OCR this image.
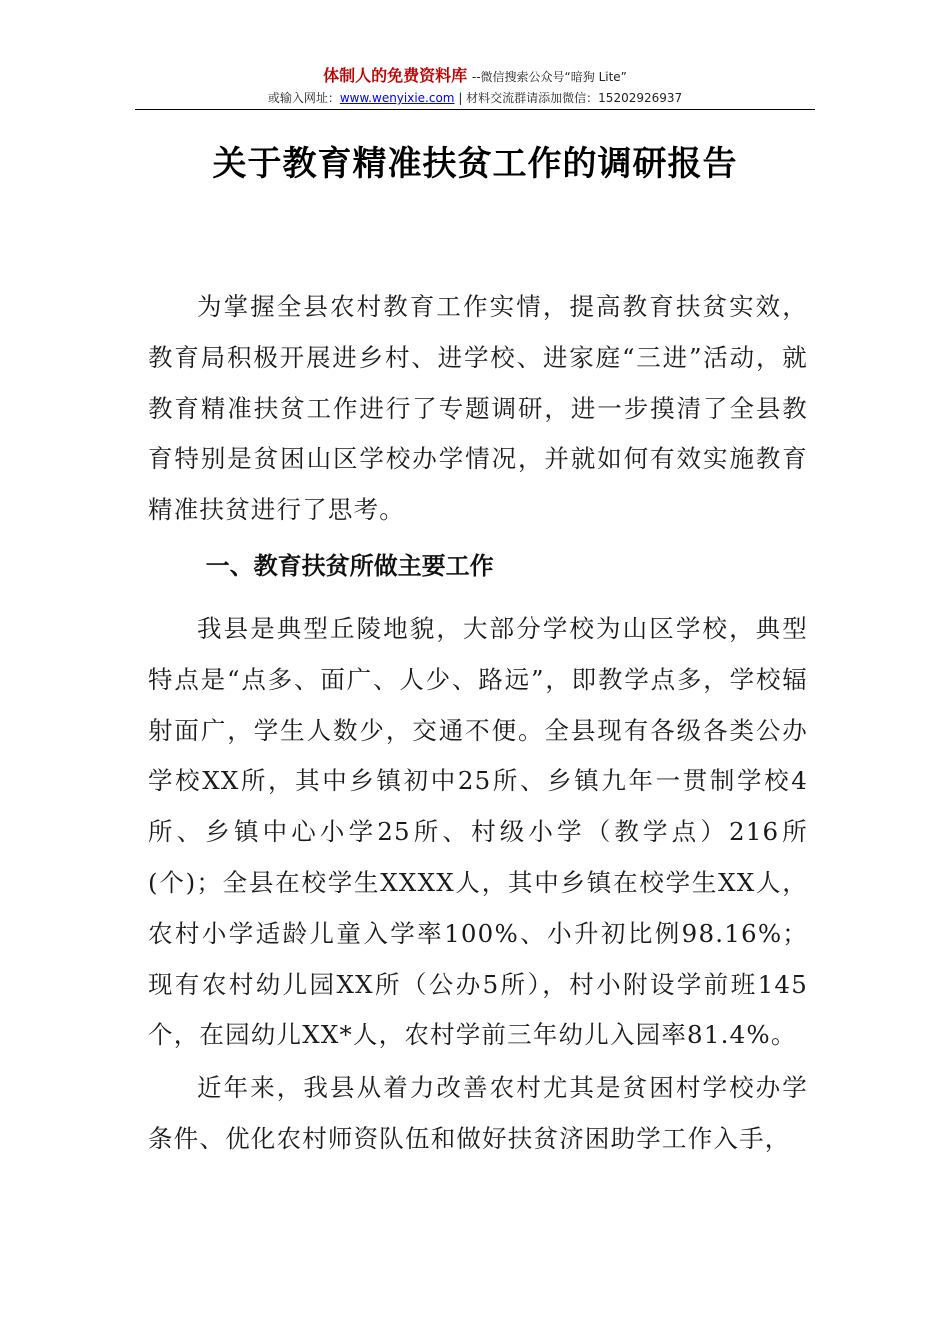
体制人的免费资料库 --微信搜索公众号“暗狗 Lite”
或输入网址：www.wenyixie.com | 材料交流群请添加微信：15202926937
关于教育精准扶贫工作的调研报告

为掌握全县农村教育工作实情，提高教育扶贫实效，教育局积极开展进乡村、进学校、进家庭“三进”活动，就教育精准扶贫工作进行了专题调研，进一步摸清了全县教育特别是贫困山区学校办学情况，并就如何有效实施教育精准扶贫进行了思考。

一、教育扶贫所做主要工作

我县是典型丘陵地貌，大部分学校为山区学校，典型特点是“点多、面广、人少、路远”，即教学点多，学校辐射面广，学生人数少，交通不便。全县现有各级各类公办学校XX所，其中乡镇初中25所、乡镇九年一贯制学校4所、乡镇中心小学25所、村级小学（教学点）216所(个)；全县在校学生XXXX人，其中乡镇在校学生XX人，农村小学适龄儿童入学率100%、小升初比例98.16%；现有农村幼儿园XX所（公办5所），村小附设学前班145个，在园幼儿XX*人，农村学前三年幼儿入园率81.4%。

近年来，我县从着力改善农村尤其是贫困村学校办学条件、优化农村师资队伍和做好扶贫济困助学工作入手，
